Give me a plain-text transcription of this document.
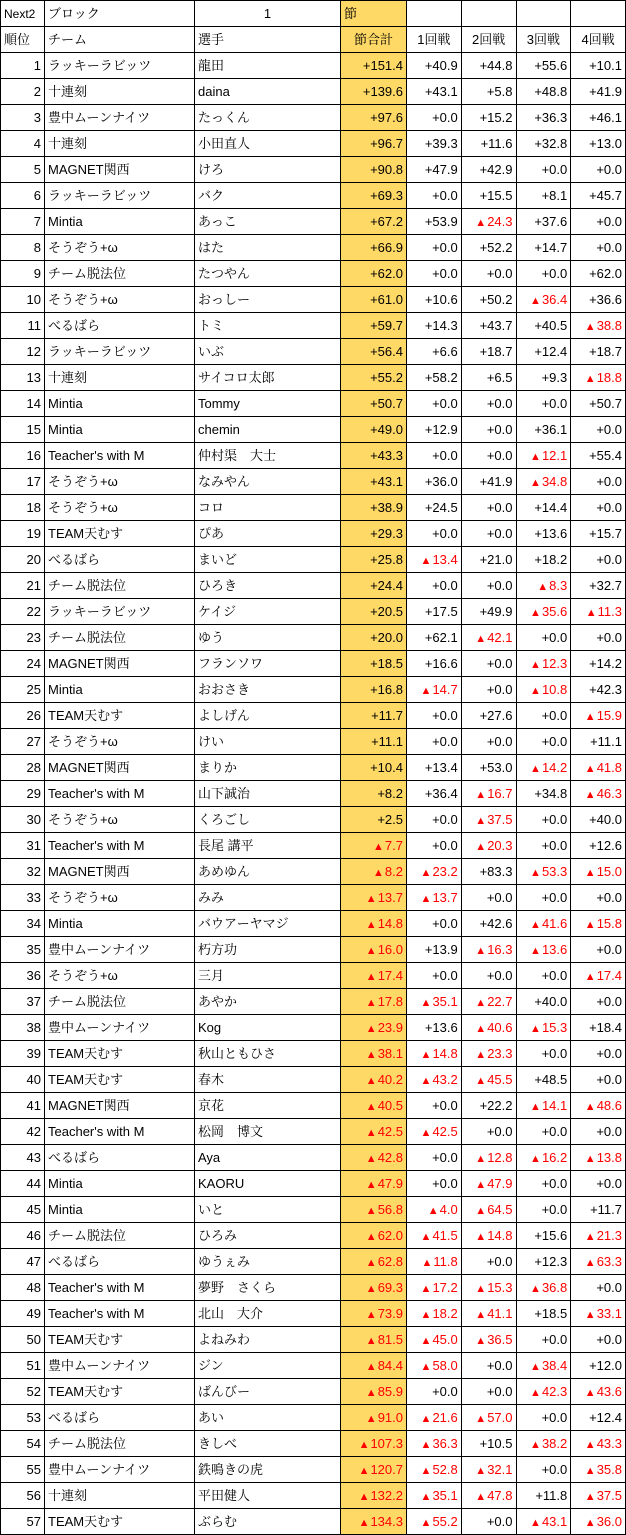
Next2	ブロック	1	節				
順位	チーム	選手	節合計	1回戦	2回戦	3回戦	4回戦
1	ラッキーラビッツ	龍田	+151.4	+40.9	+44.8	+55.6	+10.1
2	十連刻	daina	+139.6	+43.1	+5.8	+48.8	+41.9
3	豊中ムーンナイツ	たっくん	+97.6	+0.0	+15.2	+36.3	+46.1
4	十連刻	小田直人	+96.7	+39.3	+11.6	+32.8	+13.0
5	MAGNET関西	けろ	+90.8	+47.9	+42.9	+0.0	+0.0
6	ラッキーラビッツ	バク	+69.3	+0.0	+15.5	+8.1	+45.7
7	Mintia	あっこ	+67.2	+53.9	▲ 24.3	+37.6	+0.0
8	そうぞう+ω	はた	+66.9	+0.0	+52.2	+14.7	+0.0
9	チーム脱法位	たつやん	+62.0	+0.0	+0.0	+0.0	+62.0
10	そうぞう+ω	おっしー	+61.0	+10.6	+50.2	▲ 36.4	+36.6
11	べるばら	トミ	+59.7	+14.3	+43.7	+40.5	▲ 38.8
12	ラッキーラビッツ	いぶ	+56.4	+6.6	+18.7	+12.4	+18.7
13	十連刻	サイコロ太郎	+55.2	+58.2	+6.5	+9.3	▲ 18.8
14	Mintia	Tommy	+50.7	+0.0	+0.0	+0.0	+50.7
15	Mintia	chemin	+49.0	+12.9	+0.0	+36.1	+0.0
16	Teacher's with M	仲村渠　大士	+43.3	+0.0	+0.0	▲ 12.1	+55.4
17	そうぞう+ω	なみやん	+43.1	+36.0	+41.9	▲ 34.8	+0.0
18	そうぞう+ω	コロ	+38.9	+24.5	+0.0	+14.4	+0.0
19	TEAM天むす	ぴあ	+29.3	+0.0	+0.0	+13.6	+15.7
20	べるばら	まいど	+25.8	▲ 13.4	+21.0	+18.2	+0.0
21	チーム脱法位	ひろき	+24.4	+0.0	+0.0	▲ 8.3	+32.7
22	ラッキーラビッツ	ケイジ	+20.5	+17.5	+49.9	▲ 35.6	▲ 11.3
23	チーム脱法位	ゆう	+20.0	+62.1	▲ 42.1	+0.0	+0.0
24	MAGNET関西	フランソワ	+18.5	+16.6	+0.0	▲ 12.3	+14.2
25	Mintia	おおさき	+16.8	▲ 14.7	+0.0	▲ 10.8	+42.3
26	TEAM天むす	よしげん	+11.7	+0.0	+27.6	+0.0	▲ 15.9
27	そうぞう+ω	けい	+11.1	+0.0	+0.0	+0.0	+11.1
28	MAGNET関西	まりか	+10.4	+13.4	+53.0	▲ 14.2	▲ 41.8
29	Teacher's with M	山下誠治	+8.2	+36.4	▲ 16.7	+34.8	▲ 46.3
30	そうぞう+ω	くろごし	+2.5	+0.0	▲ 37.5	+0.0	+40.0
31	Teacher's with M	長尾 講平	▲ 7.7	+0.0	▲ 20.3	+0.0	+12.6
32	MAGNET関西	あめゆん	▲ 8.2	▲ 23.2	+83.3	▲ 53.3	▲ 15.0
33	そうぞう+ω	みみ	▲ 13.7	▲ 13.7	+0.0	+0.0	+0.0
34	Mintia	バウアーヤマジ	▲ 14.8	+0.0	+42.6	▲ 41.6	▲ 15.8
35	豊中ムーンナイツ	朽方功	▲ 16.0	+13.9	▲ 16.3	▲ 13.6	+0.0
36	そうぞう+ω	三月	▲ 17.4	+0.0	+0.0	+0.0	▲ 17.4
37	チーム脱法位	あやか	▲ 17.8	▲ 35.1	▲ 22.7	+40.0	+0.0
38	豊中ムーンナイツ	Kog	▲ 23.9	+13.6	▲ 40.6	▲ 15.3	+18.4
39	TEAM天むす	秋山ともひさ	▲ 38.1	▲ 14.8	▲ 23.3	+0.0	+0.0
40	TEAM天むす	春木	▲ 40.2	▲ 43.2	▲ 45.5	+48.5	+0.0
41	MAGNET関西	京花	▲ 40.5	+0.0	+22.2	▲ 14.1	▲ 48.6
42	Teacher's with M	松岡　博文	▲ 42.5	▲ 42.5	+0.0	+0.0	+0.0
43	べるばら	Aya	▲ 42.8	+0.0	▲ 12.8	▲ 16.2	▲ 13.8
44	Mintia	KAORU	▲ 47.9	+0.0	▲ 47.9	+0.0	+0.0
45	Mintia	いと	▲ 56.8	▲ 4.0	▲ 64.5	+0.0	+11.7
46	チーム脱法位	ひろみ	▲ 62.0	▲ 41.5	▲ 14.8	+15.6	▲ 21.3
47	べるばら	ゆうぇみ	▲ 62.8	▲ 11.8	+0.0	+12.3	▲ 63.3
48	Teacher's with M	夢野　さくら	▲ 69.3	▲ 17.2	▲ 15.3	▲ 36.8	+0.0
49	Teacher's with M	北山　大介	▲ 73.9	▲ 18.2	▲ 41.1	+18.5	▲ 33.1
50	TEAM天むす	よねみわ	▲ 81.5	▲ 45.0	▲ 36.5	+0.0	+0.0
51	豊中ムーンナイツ	ジン	▲ 84.4	▲ 58.0	+0.0	▲ 38.4	+12.0
52	TEAM天むす	ばんびー	▲ 85.9	+0.0	+0.0	▲ 42.3	▲ 43.6
53	べるばら	あい	▲ 91.0	▲ 21.6	▲ 57.0	+0.0	+12.4
54	チーム脱法位	きしべ	▲ 107.3	▲ 36.3	+10.5	▲ 38.2	▲ 43.3
55	豊中ムーンナイツ	鉄鳴きの虎	▲ 120.7	▲ 52.8	▲ 32.1	+0.0	▲ 35.8
56	十連刻	平田健人	▲ 132.2	▲ 35.1	▲ 47.8	+11.8	▲ 37.5
57	TEAM天むす	ぶらむ	▲ 134.3	▲ 55.2	+0.0	▲ 43.1	▲ 36.0
